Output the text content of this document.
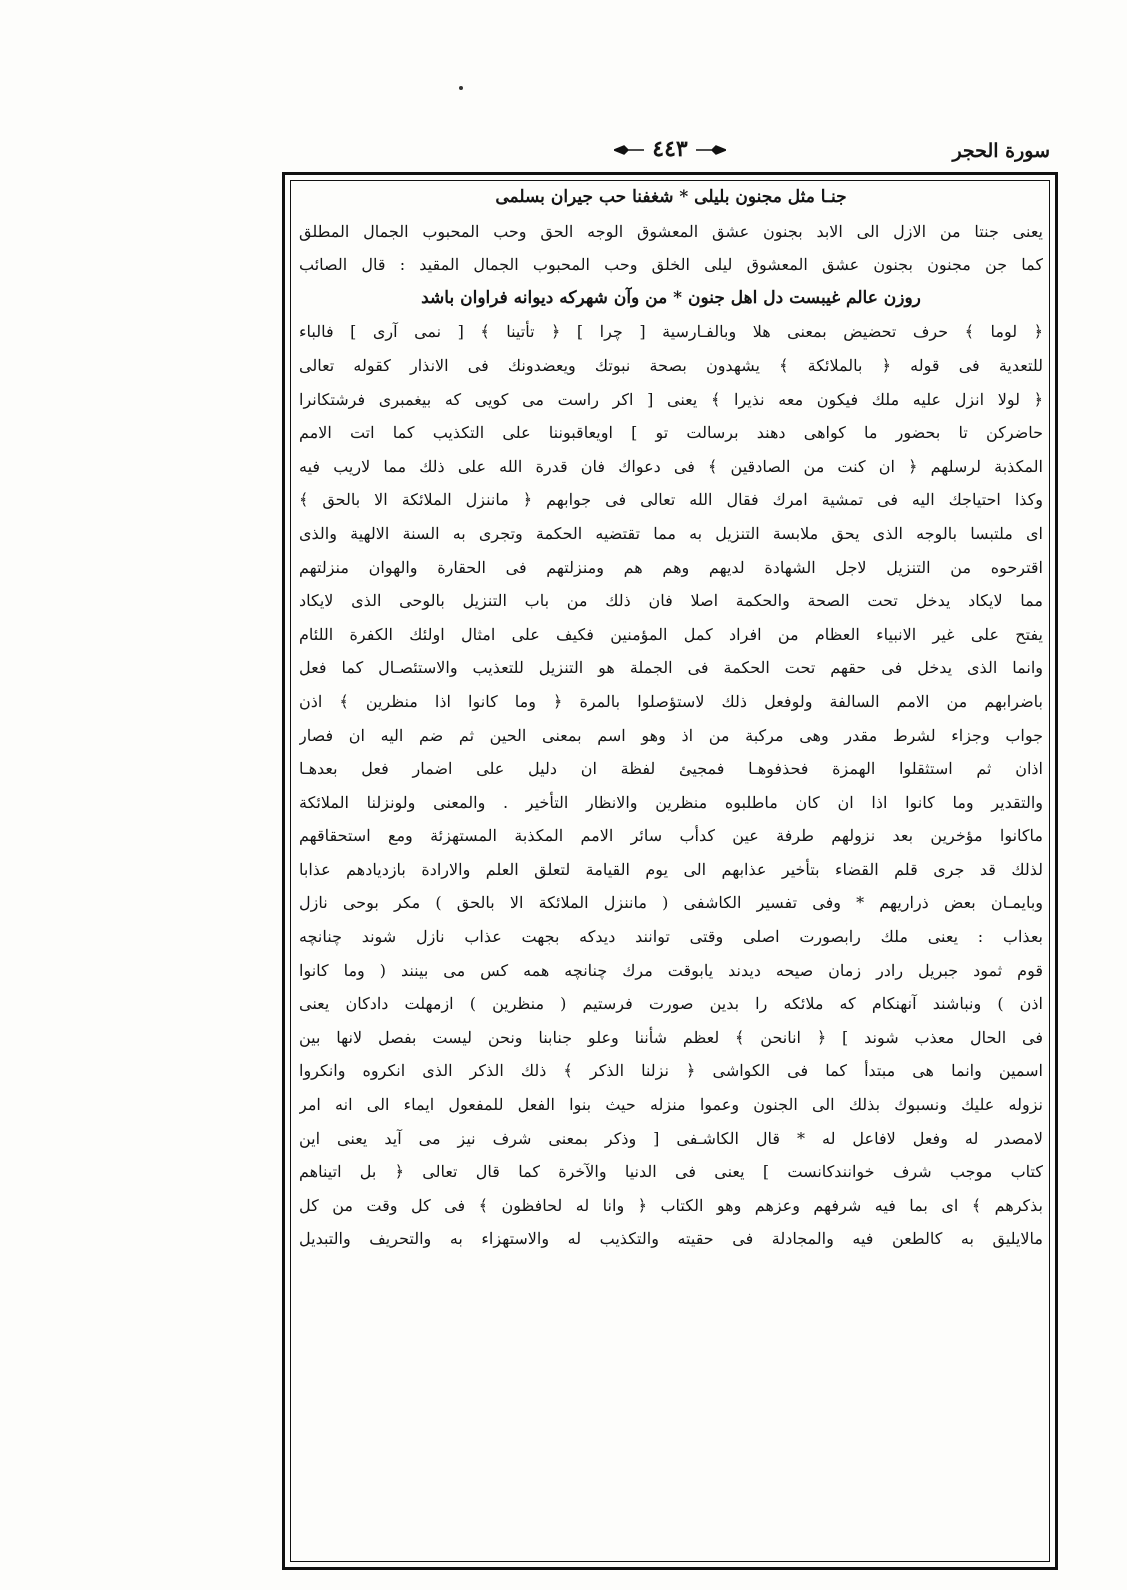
سورة الحجر
٤٤٣
جنـا مثل مجنون بليلى * شغفنا حب جيران بسلمى
يعنى جنتا من الازل الى الابد بجنون عشق المعشوق الوجه الحق وحب المحبوب الجمال المطلق
كما جن مجنون بجنون عشق المعشوق ليلى الخلق وحب المحبوب الجمال المقيد : قال الصائب
روزن عالم غيبست دل اهل جنون * من وآن شهركه ديوانه فراوان باشد
﴿ لوما ﴾ حرف تحضيض بمعنى هلا وبالفـارسية [ چرا ] ﴿ تأتينا ﴾ [ نمى آرى ] فالباء
للتعدية فى قوله ﴿ بالملائكة ﴾ يشهدون بصحة نبوتك ويعضدونك فى الانذار كقوله تعالى
﴿ لولا انزل عليه ملك فيكون معه نذيرا ﴾ يعنى [ اكر راست مى كويى كه بيغمبرى فرشتكانرا
حاضركن تا بحضور ما كواهى دهند برسالت تو ] اويعاقبوننا على التكذيب كما اتت الامم
المكذبة لرسلهم ﴿ ان كنت من الصادقين ﴾ فى دعواك فان قدرة الله على ذلك مما لاريب فيه
وكذا احتياجك اليه فى تمشية امرك فقال الله تعالى فى جوابهم ﴿ ماننزل الملائكة الا بالحق ﴾
اى ملتبسا بالوجه الذى يحق ملابسة التنزيل به مما تقتضيه الحكمة وتجرى به السنة الالهية والذى
اقترحوه من التنزيل لاجل الشهادة لديهم وهم هم ومنزلتهم فى الحقارة والهوان منزلتهم
مما لايكاد يدخل تحت الصحة والحكمة اصلا فان ذلك من باب التنزيل بالوحى الذى لايكاد
يفتح على غير الانبياء العظام من افراد كمل المؤمنين فكيف على امثال اولئك الكفرة اللئام
وانما الذى يدخل فى حقهم تحت الحكمة فى الجملة هو التنزيل للتعذيب والاستئصـال كما فعل
باضرابهم من الامم السالفة ولوفعل ذلك لاستؤصلوا بالمرة ﴿ وما كانوا اذا منظرين ﴾ اذن
جواب وجزاء لشرط مقدر وهى مركبة من اذ وهو اسم بمعنى الحين ثم ضم اليه ان فصار
اذان ثم استثقلوا الهمزة فحذفوهـا فمجيئ لفظة ان دليل على اضمار فعل بعدهـا
والتقدير وما كانوا اذا ان كان ماطلبوه منظرين والانظار التأخير . والمعنى ولونزلنا الملائكة
ماكانوا مؤخرين بعد نزولهم طرفة عين كدأب سائر الامم المكذبة المستهزئة ومع استحقاقهم
لذلك قد جرى قلم القضاء بتأخير عذابهم الى يوم القيامة لتعلق العلم والارادة بازديادهم عذابا
وبايمـان بعض ذراريهم * وفى تفسير الكاشفى ( ماننزل الملائكة الا بالحق ) مكر بوحى نازل
بعذاب : يعنى ملك رابصورت اصلى وقتى توانند ديدكه بجهت عذاب نازل شوند چنانچه
قوم ثمود جبريل رادر زمان صيحه ديدند يابوقت مرك چنانچه همه كس مى بينند ( وما كانوا
اذن ) ونباشند آنهنكام كه ملائكه را بدين صورت فرستيم ( منظرين ) ازمهلت دادكان يعنى
فى الحال معذب شوند ] ﴿ انانحن ﴾ لعظم شأننا وعلو جنابنا ونحن ليست بفصل لانها بين
اسمين وانما هى مبتدأ كما فى الكواشى ﴿ نزلنا الذكر ﴾ ذلك الذكر الذى انكروه وانكروا
نزوله عليك ونسبوك بذلك الى الجنون وعموا منزله حيث بنوا الفعل للمفعول ايماء الى انه امر
لامصدر له وفعل لافاعل له * قال الكاشـفى [ وذكر بمعنى شرف نيز مى آيد يعنى اين
كتاب موجب شرف خوانندكانست ] يعنى فى الدنيا والآخرة كما قال تعالى ﴿ بل اتيناهم
بذكرهم ﴾ اى بما فيه شرفهم وعزهم وهو الكتاب ﴿ وانا له لحافظون ﴾ فى كل وقت من كل
مالايليق به كالطعن فيه والمجادلة فى حقيته والتكذيب له والاستهزاء به والتحريف والتبديل
